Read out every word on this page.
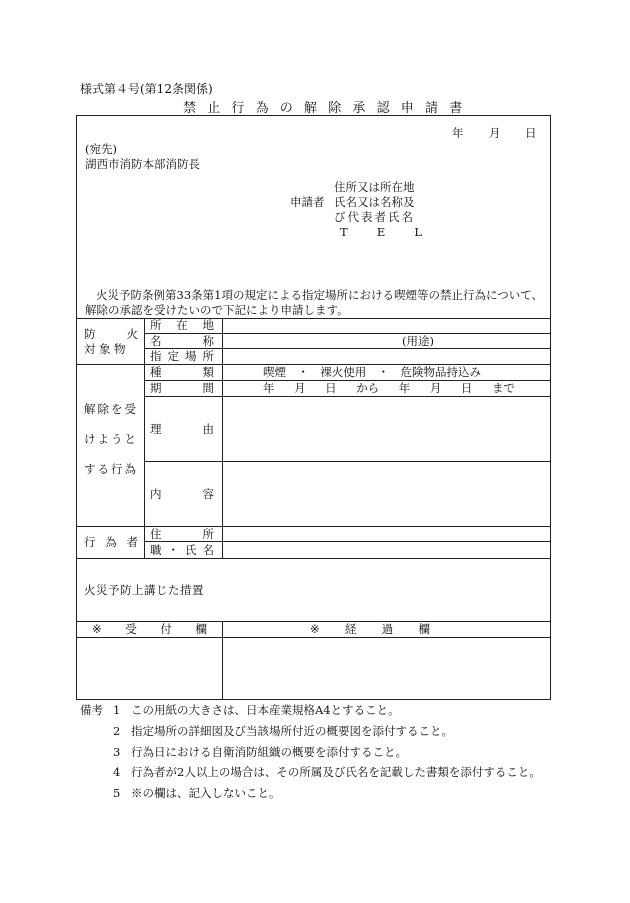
様式第４号(第12条関係)
禁止行為の解除承認申請書
年 月 日
(宛先)
湖西市消防本部消防長
申請者
住所又は所在地
氏名又は名称及
び代表者氏名
T	E	L
火災予防条例第33条第1項の規定による指定場所における喫煙等の禁止行為について、
解除の承認を受けたいので下記により申請します。
防	火
対象物
所 在 地
名	称	(用途)
指 定 場 所
解除を受
けようと
する行為
種	類	喫煙 ・ 裸火使用 ・ 危険物品持込み
期	間	年 月 日 から 年 月 日 まで
理	由
内	容
行 為 者
住	所
職 ・ 氏 名
火災予防上講じた措置
※ 受 付 欄	※ 経 過 欄
備考 1 この用紙の大きさは、日本産業規格A4とすること。
2 指定場所の詳細図及び当該場所付近の概要図を添付すること。
3 行為日における自衛消防組織の概要を添付すること。
4 行為者が2人以上の場合は、その所属及び氏名を記載した書類を添付すること。
5 ※の欄は、記入しないこと。
